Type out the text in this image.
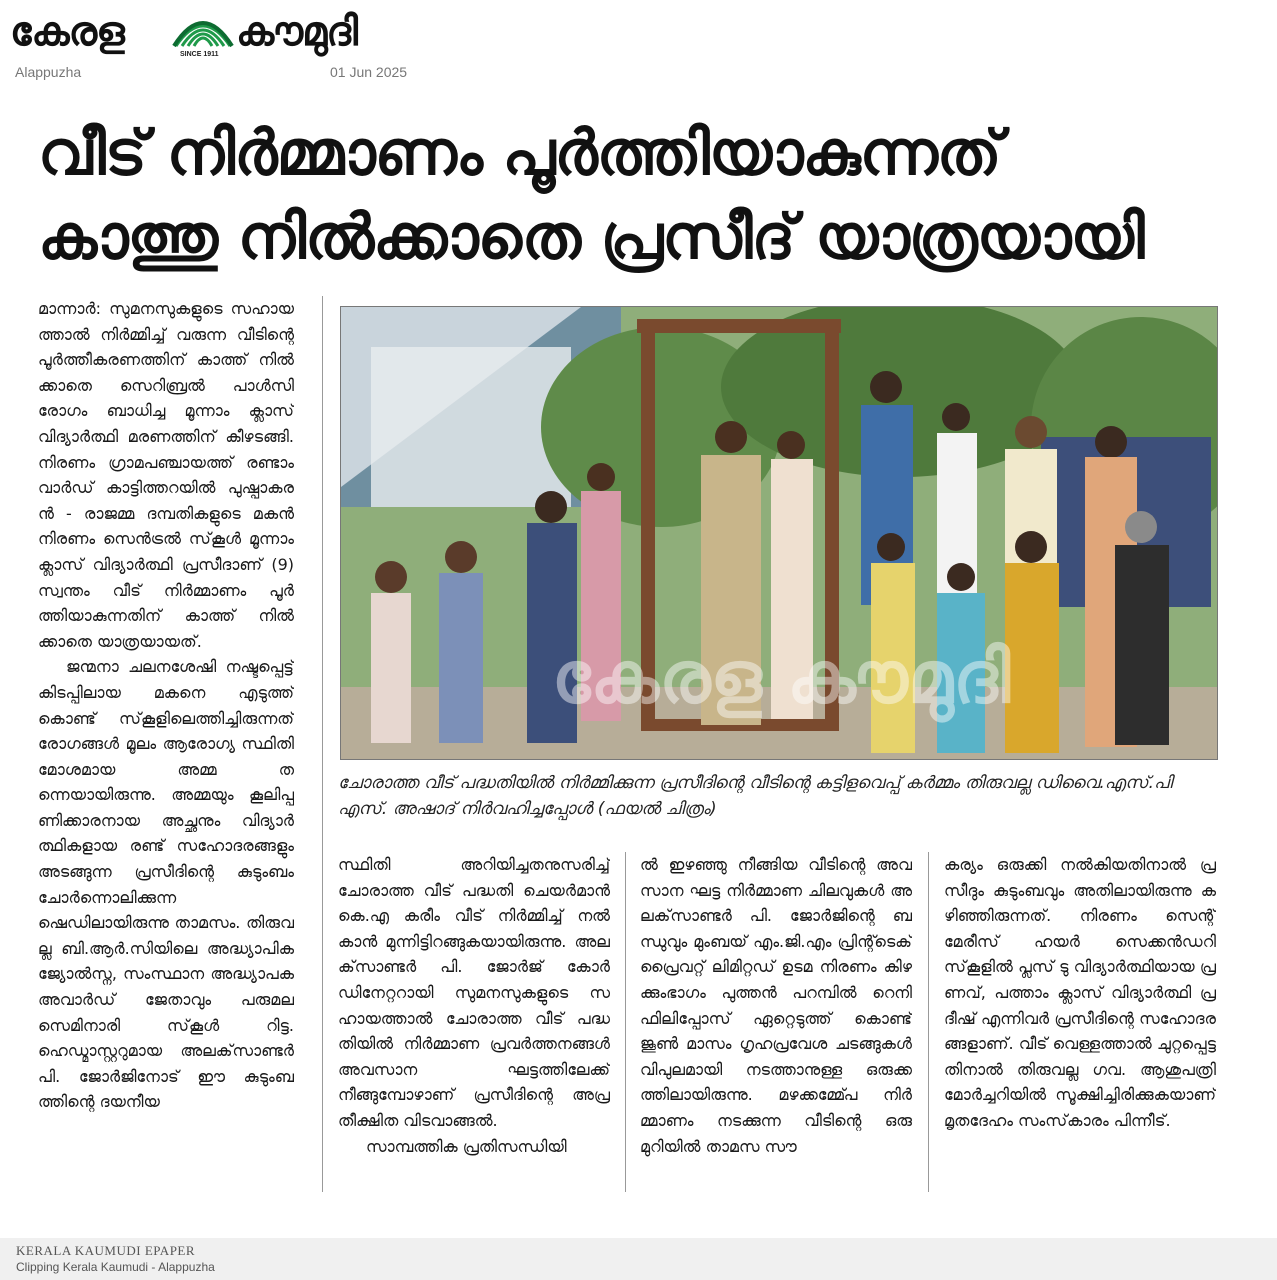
കേരള	SINCE 1911 കൗമുദി
Alappuzha	01 Jun 2025
വീട് നിർമ്മാണം പൂർത്തിയാകുന്നത്
കാത്തു നിൽക്കാതെ പ്രസീദ് യാത്രയായി

മാന്നാർ: സുമനസുകളുടെ സഹായത്താൽ നിർമ്മിച്ച് വരുന്ന വീടിന്റെ പൂർത്തീകരണത്തിന് കാത്ത് നിൽക്കാതെ സെറിബ്രൽ പാൾസി രോഗം ബാധിച്ച മൂന്നാം ക്ലാസ് വിദ്യാർത്ഥി മരണത്തിന് കീഴടങ്ങി. നിരണം ഗ്രാമപഞ്ചായത്ത് രണ്ടാം വാർഡ് കാട്ടിത്തറയിൽ പുഷ്പാകരൻ - രാജമ്മ ദമ്പതികളുടെ മകൻ നിരണം സെൻട്രൽ സ്‌കൂൾ മൂന്നാം ക്ലാസ് വിദ്യാർത്ഥി പ്രസീദാണ് (9) സ്വന്തം വീട് നിർമ്മാണം പൂർത്തിയാകുന്നതിന് കാത്ത് നിൽക്കാതെ യാത്രയായത്.

ജന്മനാ ചലനശേഷി നഷ്ടപ്പെട്ട് കിടപ്പിലായ മകനെ എടുത്ത് കൊണ്ട് സ്‌കൂളിലെത്തിച്ചിരുന്നത് രോഗങ്ങൾ മൂലം ആരോഗ്യ സ്ഥിതി മോശമായ അമ്മ തന്നെയായിരുന്നു. അമ്മയും കൂലിപ്പണിക്കാരനായ അച്ഛനും വിദ്യാർത്ഥികളായ രണ്ട് സഹോദരങ്ങളും അടങ്ങുന്ന പ്രസീദിന്റെ കുടുംബം ചോർന്നൊലിക്കുന്ന ഷെഡിലായിരുന്നു താമസം. തിരുവല്ല ബി.ആർ.സിയിലെ അദ്ധ്യാപിക ജ്യോൽസ്ന, സംസ്ഥാന അദ്ധ്യാപക അവാർഡ് ജേതാവും പരുമല സെമിനാരി സ്‌കൂൾ റിട്ട. ഹെഡ്മാസ്റ്ററുമായ അലക്‌സാണ്ടർ പി. ജോർജിനോട് ഈ കുടുംബത്തിന്റെ ദയനീയ

കേരള കൗമുദി
ചോരാത്ത വീട് പദ്ധതിയിൽ നിർമ്മിക്കുന്ന പ്രസീദിന്റെ വീടിന്റെ കട്ടിളവെപ്പ് കർമ്മം തിരുവല്ല ഡിവൈ.എസ്.പി എസ്. അഷാദ് നിർവഹിച്ചപ്പോൾ (ഫയൽ ചിത്രം)

സ്ഥിതി അറിയിച്ചതനുസരിച്ച് ചോരാത്ത വീട് പദ്ധതി ചെയർമാൻ കെ.എ കരീം വീട് നിർമ്മിച്ച് നൽകാൻ മുന്നിട്ടിറങ്ങുകയായിരുന്നു. അലക്‌സാണ്ടർ പി. ജോർജ് കോർഡിനേറ്ററായി സുമനസുകളുടെ സഹായത്താൽ ചോരാത്ത വീട് പദ്ധതിയിൽ നിർമ്മാണ പ്രവർത്തനങ്ങൾ അവസാന ഘട്ടത്തിലേക്ക് നീങ്ങുമ്പോഴാണ് പ്രസീദിന്റെ അപ്രതീക്ഷിത വിടവാങ്ങൽ.

സാമ്പത്തിക പ്രതിസന്ധിയി

ൽ ഇഴഞ്ഞു നീങ്ങിയ വീടിന്റെ അവസാന ഘട്ട നിർമ്മാണ ചിലവുകൾ അലക്‌സാണ്ടർ പി. ജോർജിന്റെ ബന്ധുവും മുംബയ് എം.ജി.എം പ്രിന്റ്ടെക് പ്രൈവറ്റ് ലിമിറ്റഡ് ഉടമ നിരണം കിഴക്കുംഭാഗം പുത്തൻ പറമ്പിൽ റെനി ഫിലിപ്പോസ് ഏറ്റെടുത്ത് കൊണ്ട് ജൂൺ മാസം ഗൃഹപ്രവേശ ചടങ്ങുകൾ വിപുലമായി നടത്താനുള്ള ഒരുക്കത്തിലായിരുന്നു. മഴക്കമ്മ്പേ നിർമ്മാണം നടക്കുന്ന വീടിന്റെ ഒരു മുറിയിൽ താമസ സൗ

കര്യം ഒരുക്കി നൽകിയതിനാൽ പ്രസീദും കുടുംബവും അതിലായിരുന്നു കഴിഞ്ഞിരുന്നത്. നിരണം സെന്റ് മേരീസ് ഹയർ സെക്കൻഡറി സ്‌കൂളിൽ പ്ലസ് ടു വിദ്യാർത്ഥിയായ പ്രണവ്, പത്താം ക്ലാസ് വിദ്യാർത്ഥി പ്രദീഷ് എന്നിവർ പ്രസീദിന്റെ സഹോദരങ്ങളാണ്. വീട് വെള്ളത്താൽ ചുറ്റപ്പെട്ടതിനാൽ തിരുവല്ല ഗവ. ആശുപത്രി മോർച്ചറിയിൽ സൂക്ഷിച്ചിരിക്കുകയാണ് മൃതദേഹം സംസ്‌കാരം പിന്നീട്.

KERALA KAUMUDI EPAPER
Clipping Kerala Kaumudi - Alappuzha
